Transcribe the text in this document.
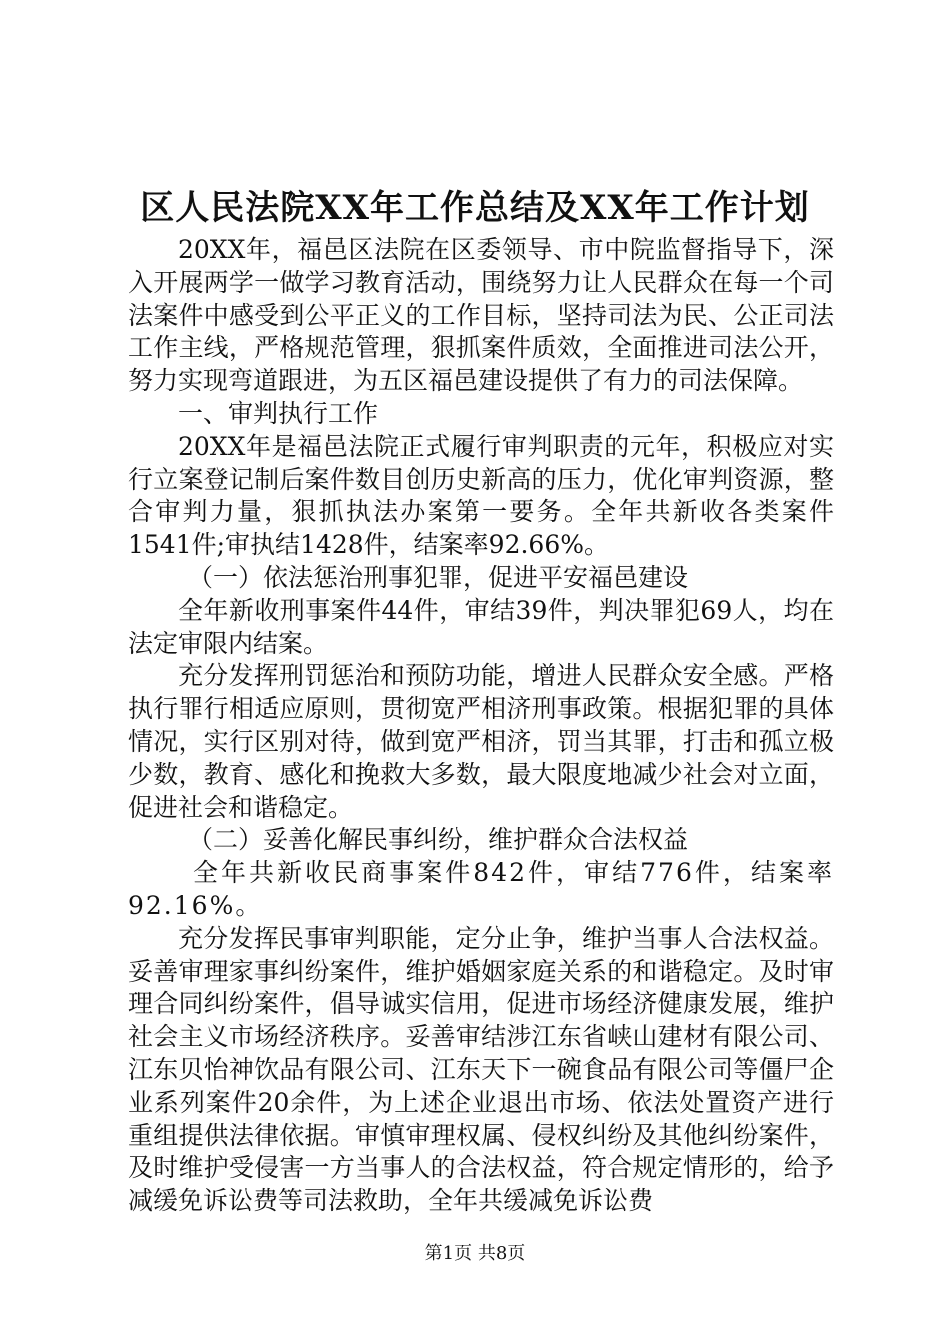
区人民法院XX年工作总结及XX年工作计划

20XX年，福邑区法院在区委领导、市中院监督指导下，深入开展两学一做学习教育活动，围绕努力让人民群众在每一个司法案件中感受到公平正义的工作目标，坚持司法为民、公正司法工作主线，严格规范管理，狠抓案件质效，全面推进司法公开，努力实现弯道跟进，为五区福邑建设提供了有力的司法保障。

一、审判执行工作

20XX年是福邑法院正式履行审判职责的元年，积极应对实行立案登记制后案件数目创历史新高的压力，优化审判资源，整合审判力量，狠抓执法办案第一要务。全年共新收各类案件1541件;审执结1428件，结案率92.66%。

（一）依法惩治刑事犯罪，促进平安福邑建设

全年新收刑事案件44件，审结39件，判决罪犯69人，均在法定审限内结案。

充分发挥刑罚惩治和预防功能，增进人民群众安全感。严格执行罪行相适应原则，贯彻宽严相济刑事政策。根据犯罪的具体情况，实行区别对待，做到宽严相济，罚当其罪，打击和孤立极少数，教育、感化和挽救大多数，最大限度地减少社会对立面，促进社会和谐稳定。

（二）妥善化解民事纠纷，维护群众合法权益

全年共新收民商事案件842件，审结776件，结案率92.16%。

充分发挥民事审判职能，定分止争，维护当事人合法权益。妥善审理家事纠纷案件，维护婚姻家庭关系的和谐稳定。及时审理合同纠纷案件，倡导诚实信用，促进市场经济健康发展，维护社会主义市场经济秩序。妥善审结涉江东省峡山建材有限公司、江东贝怡神饮品有限公司、江东天下一碗食品有限公司等僵尸企业系列案件20余件，为上述企业退出市场、依法处置资产进行重组提供法律依据。审慎审理权属、侵权纠纷及其他纠纷案件，及时维护受侵害一方当事人的合法权益，符合规定情形的，给予减缓免诉讼费等司法救助，全年共缓减免诉讼费

第1页 共8页
